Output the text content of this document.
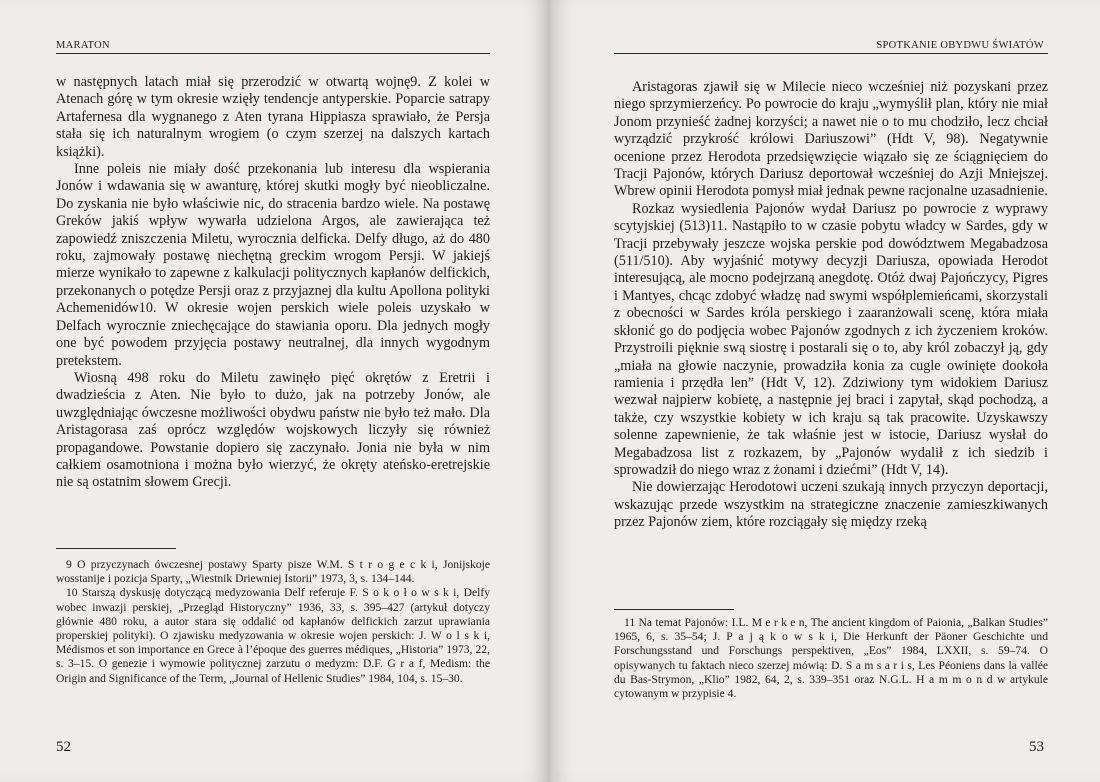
MARATON

w następnych latach miał się przerodzić w otwartą wojnę9. Z kolei w Atenach górę w tym okresie wzięły tendencje antyperskie. Poparcie satrapy Artafernesa dla wygnanego z Aten tyrana Hippiasza sprawiało, że Persja stała się ich naturalnym wrogiem (o czym szerzej na dalszych kartach książki).

Inne poleis nie miały dość przekonania lub interesu dla wspierania Jonów i wdawania się w awanturę, której skutki mogły być nieobliczalne. Do zyskania nie było właściwie nic, do stracenia bardzo wiele. Na postawę Greków jakiś wpływ wywarła udzielona Argos, ale zawierająca też zapowiedź zniszczenia Miletu, wyrocznia delficka. Delfy długo, aż do 480 roku, zajmowały postawę niechętną greckim wrogom Persji. W jakiejś mierze wynikało to zapewne z kalkulacji politycznych kapłanów delfickich, przekonanych o potędze Persji oraz z przyjaznej dla kultu Apollona polityki Achemenidów10. W okresie wojen perskich wiele poleis uzyskało w Delfach wyrocznie zniechęcające do stawiania oporu. Dla jednych mogły one być powodem przyjęcia postawy neutralnej, dla innych wygodnym pretekstem.

Wiosną 498 roku do Miletu zawinęło pięć okrętów z Eretrii i dwadzieścia z Aten. Nie było to dużo, jak na potrzeby Jonów, ale uwzględniając ówczesne możliwości obydwu państw nie było też mało. Dla Aristagorasa zaś oprócz względów wojskowych liczyły się również propagandowe. Powstanie dopiero się zaczynało. Jonia nie była w nim całkiem osamotniona i można było wierzyć, że okręty ateńsko-eretrejskie nie są ostatnim słowem Grecji.

9 O przyczynach ówczesnej postawy Sparty pisze W.M. S t r o g e c k i, Jonijskoje wosstanije i pozicja Sparty, „Wiestnik Driewniej Istorii” 1973, 3, s. 134–144.

10 Starszą dyskusję dotyczącą medyzowania Delf referuje F. S o k o ł o w s k i, Delfy wobec inwazji perskiej, „Przegląd Historyczny” 1936, 33, s. 395–427 (artykuł dotyczy głównie 480 roku, a autor stara się oddalić od kapłanów delfickich zarzut uprawiania properskiej polityki). O zjawisku medyzowania w okresie wojen perskich: J. W o l s k i, Médismos et son importance en Grece à l’époque des guerres médiques, „Historia” 1973, 22, s. 3–15. O genezie i wymowie politycznej zarzutu o medyzm: D.F. G r a f, Medism: the Origin and Significance of the Term, „Journal of Hellenic Studies” 1984, 104, s. 15–30.

52
SPOTKANIE OBYDWU ŚWIATÓW

Aristagoras zjawił się w Milecie nieco wcześniej niż pozyskani przez niego sprzymierzeńcy. Po powrocie do kraju „wymyślił plan, który nie miał Jonom przynieść żadnej korzyści; a nawet nie o to mu chodziło, lecz chciał wyrządzić przykrość królowi Dariuszowi” (Hdt V, 98). Negatywnie ocenione przez Herodota przedsięwzięcie wiązało się ze ściągnięciem do Tracji Pajonów, których Dariusz deportował wcześniej do Azji Mniejszej. Wbrew opinii Herodota pomysł miał jednak pewne racjonalne uzasadnienie.

Rozkaz wysiedlenia Pajonów wydał Dariusz po powrocie z wyprawy scytyjskiej (513)11. Nastąpiło to w czasie pobytu władcy w Sardes, gdy w Tracji przebywały jeszcze wojska perskie pod dowództwem Megabadzosa (511/510). Aby wyjaśnić motywy decyzji Dariusza, opowiada Herodot interesującą, ale mocno podejrzaną anegdotę. Otóż dwaj Pajończycy, Pigres i Mantyes, chcąc zdobyć władzę nad swymi współplemieńcami, skorzystali z obecności w Sardes króla perskiego i zaaranżowali scenę, która miała skłonić go do podjęcia wobec Pajonów zgodnych z ich życzeniem kroków. Przystroili pięknie swą siostrę i postarali się o to, aby król zobaczył ją, gdy „miała na głowie naczynie, prowadziła konia za cugle owinięte dookoła ramienia i przędła len” (Hdt V, 12). Zdziwiony tym widokiem Dariusz wezwał najpierw kobietę, a następnie jej braci i zapytał, skąd pochodzą, a także, czy wszystkie kobiety w ich kraju są tak pracowite. Uzyskawszy solenne zapewnienie, że tak właśnie jest w istocie, Dariusz wysłał do Megabadzosa list z rozkazem, by „Pajonów wydalił z ich siedzib i sprowadził do niego wraz z żonami i dziećmi” (Hdt V, 14).

Nie dowierzając Herodotowi uczeni szukają innych przyczyn deportacji, wskazując przede wszystkim na strategiczne znaczenie zamieszkiwanych przez Pajonów ziem, które rozciągały się między rzeką

11 Na temat Pajonów: I.L. M e r k e n, The ancient kingdom of Paionia, „Balkan Studies” 1965, 6, s. 35–54; J. P a j ą k o w s k i, Die Herkunft der Päoner Geschichte und Forschungsstand und Forschungs perspektiven, „Eos” 1984, LXXII, s. 59–74. O opisywanych tu faktach nieco szerzej mówią: D. S a m s a r i s, Les Péoniens dans la vallée du Bas-Strymon, „Klio” 1982, 64, 2, s. 339–351 oraz N.G.L. H a m m o n d w artykule cytowanym w przypisie 4.

53
